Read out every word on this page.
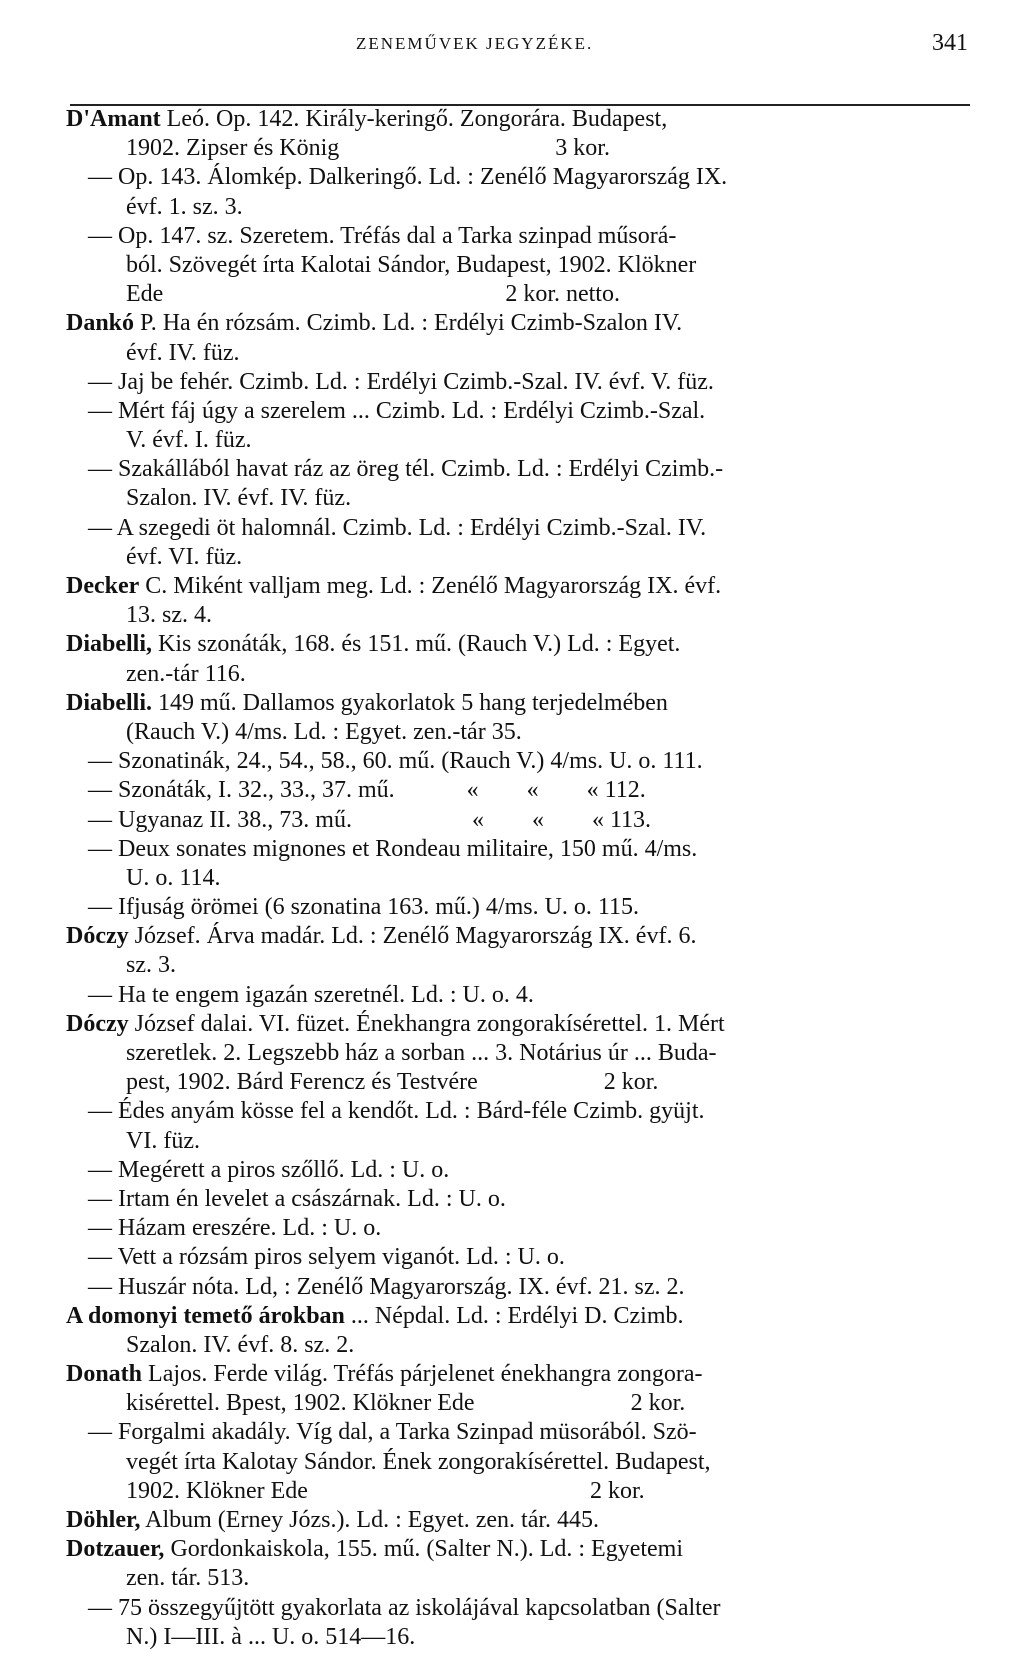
ZENEMŰVEK JEGYZÉKE.	341
D'Amant Leó. Op. 142. Király-keringő. Zongorára. Budapest,
1902. Zipser és König                                    3 kor.
— Op. 143. Álomkép. Dalkeringő. Ld. : Zenélő Magyarország IX.
évf. 1. sz. 3.
— Op. 147. sz. Szeretem. Tréfás dal a Tarka szinpad műsorá-
ból. Szövegét írta Kalotai Sándor, Budapest, 1902. Klökner
Ede                                                         2 kor. netto.
Dankó P. Ha én rózsám. Czimb. Ld. : Erdélyi Czimb-Szalon IV.
évf. IV. füz.
— Jaj be fehér. Czimb. Ld. : Erdélyi Czimb.-Szal. IV. évf. V. füz.
— Mért fáj úgy a szerelem ... Czimb. Ld. : Erdélyi Czimb.-Szal.
V. évf. I. füz.
— Szakállából havat ráz az öreg tél. Czimb. Ld. : Erdélyi Czimb.-
Szalon. IV. évf. IV. füz.
— A szegedi öt halomnál. Czimb. Ld. : Erdélyi Czimb.-Szal. IV.
évf. VI. füz.
Decker C. Miként valljam meg. Ld. : Zenélő Magyarország IX. évf.
13. sz. 4.
Diabelli, Kis szonáták, 168. és 151. mű. (Rauch V.) Ld. : Egyet.
zen.-tár 116.
Diabelli. 149 mű. Dallamos gyakorlatok 5 hang terjedelmében
(Rauch V.) 4/ms. Ld. : Egyet. zen.-tár 35.
— Szonatinák, 24., 54., 58., 60. mű. (Rauch V.) 4/ms. U. o. 111.
— Szonáták, I. 32., 33., 37. mű.            «        «        « 112.
— Ugyanaz II. 38., 73. mű.                    «        «        « 113.
— Deux sonates mignones et Rondeau militaire, 150 mű. 4/ms.
U. o. 114.
— Ifjuság örömei (6 szonatina 163. mű.) 4/ms. U. o. 115.
Dóczy József. Árva madár. Ld. : Zenélő Magyarország IX. évf. 6.
sz. 3.
— Ha te engem igazán szeretnél. Ld. : U. o. 4.
Dóczy József dalai. VI. füzet. Énekhangra zongorakísérettel. 1. Mért
szeretlek. 2. Legszebb ház a sorban ... 3. Notárius úr ... Buda-
pest, 1902. Bárd Ferencz és Testvére                     2 kor.
— Édes anyám kösse fel a kendőt. Ld. : Bárd-féle Czimb. gyüjt.
VI. füz.
— Megérett a piros szőllő. Ld. : U. o.
— Irtam én levelet a császárnak. Ld. : U. o.
— Házam ereszére. Ld. : U. o.
— Vett a rózsám piros selyem viganót. Ld. : U. o.
— Huszár nóta. Ld, : Zenélő Magyarország. IX. évf. 21. sz. 2.
A domonyi temető árokban ... Népdal. Ld. : Erdélyi D. Czimb.
Szalon. IV. évf. 8. sz. 2.
Donath Lajos. Ferde világ. Tréfás párjelenet énekhangra zongora-
kisérettel. Bpest, 1902. Klökner Ede                          2 kor.
— Forgalmi akadály. Víg dal, a Tarka Szinpad müsorából. Szö-
vegét írta Kalotay Sándor. Ének zongorakísérettel. Budapest,
1902. Klökner Ede                                               2 kor.
Döhler, Album (Erney Józs.). Ld. : Egyet. zen. tár. 445.
Dotzauer, Gordonkaiskola, 155. mű. (Salter N.). Ld. : Egyetemi
zen. tár. 513.
— 75 összegyűjtött gyakorlata az iskolájával kapcsolatban (Salter
N.) I—III. à ... U. o. 514—16.
